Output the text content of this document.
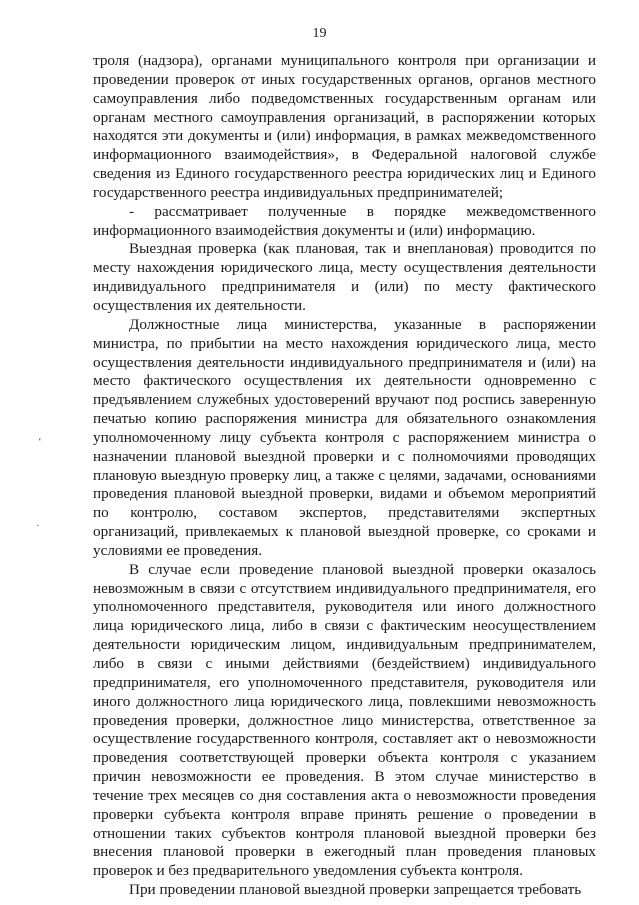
19
‘
·

троля (надзора), органами муниципального контроля при организации и проведении проверок от иных государственных органов, органов местного самоуправления либо подведомственных государственным органам или органам местного самоуправления организаций, в распоряжении которых находятся эти документы и (или) информация, в рамках межведомственного информационного взаимодействия», в Федеральной налоговой службе сведения из Единого государственного реестра юридических лиц и Единого государственного реестра индивидуальных предпринимателей;

- рассматривает полученные в порядке межведомственного информационного взаимодействия документы и (или) информацию.

Выездная проверка (как плановая, так и внеплановая) проводится по месту нахождения юридического лица, месту осуществления деятельности индивидуального предпринимателя и (или) по месту фактического осуществления их деятельности.

Должностные лица министерства, указанные в распоряжении министра, по прибытии на место нахождения юридического лица, место осуществления деятельности индивидуального предпринимателя и (или) на место фактического осуществления их деятельности одновременно с предъявлением служебных удостоверений вручают под роспись заверенную печатью копию распоряжения министра для обязательного ознакомления уполномоченному лицу субъекта контроля с распоряжением министра о назначении плановой выездной проверки и с полномочиями проводящих плановую выездную проверку лиц, а также с целями, задачами, основаниями проведения плановой выездной проверки, видами и объемом мероприятий по контролю, составом экспертов, представителями экспертных организаций, привлекаемых к плановой выездной проверке, со сроками и условиями ее проведения.

В случае если проведение плановой выездной проверки оказалось невозможным в связи с отсутствием индивидуального предпринимателя, его уполномоченного представителя, руководителя или иного должностного лица юридического лица, либо в связи с фактическим неосуществлением деятельности юридическим лицом, индивидуальным предпринимателем, либо в связи с иными действиями (бездействием) индивидуального предпринимателя, его уполномоченного представителя, руководителя или иного должностного лица юридического лица, повлекшими невозможность проведения проверки, должностное лицо министерства, ответственное за осуществление государственного контроля, составляет акт о невозможности проведения соответствующей проверки объекта контроля с указанием причин невозможности ее проведения. В этом случае министерство в течение трех месяцев со дня составления акта о невозможности проведения проверки субъекта контроля вправе принять решение о проведении в отношении таких субъектов контроля плановой выездной проверки без внесения плановой проверки в ежегодный план проведения плановых проверок и без предварительного уведомления субъекта контроля.

При проведении плановой выездной проверки запрещается требовать
